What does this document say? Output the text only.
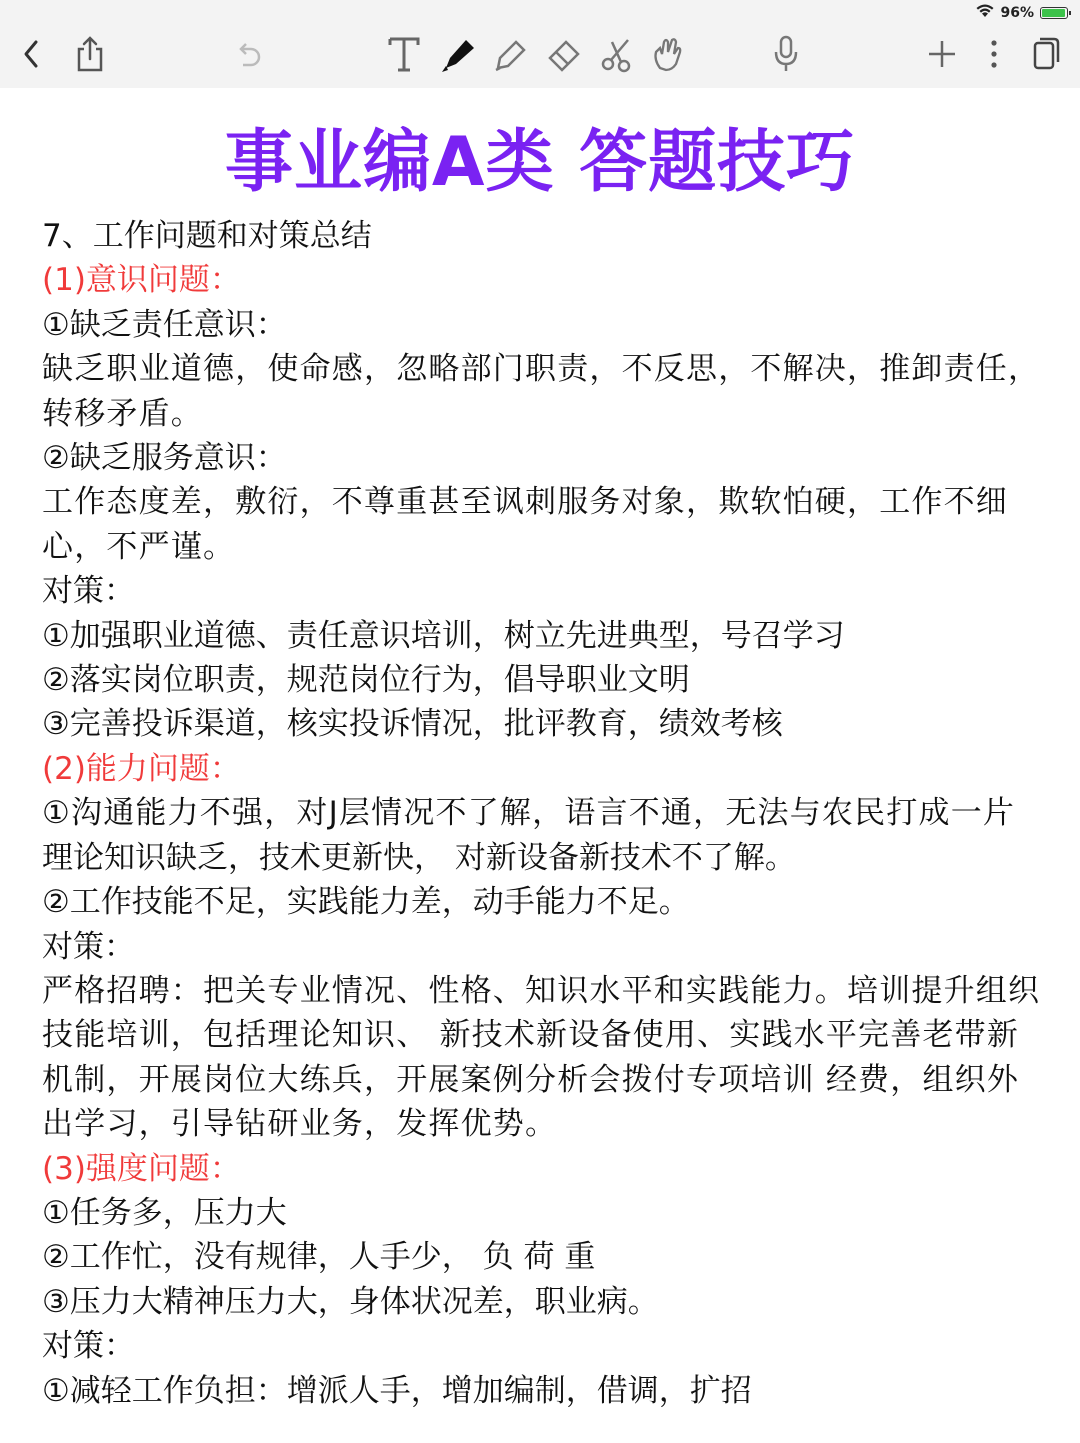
96%
事业编A类 答题技巧
7、工作问题和对策总结
(1)意识问题：
①缺乏责任意识：
缺乏职业道德，使命感，忽略部门职责，不反思，不解决，推卸责任，转移矛盾。
②缺乏服务意识：
工作态度差，敷衍，不尊重甚至讽刺服务对象，欺软怕硬，工作不细心，不严谨。
对策：
①加强职业道德、责任意识培训，树立先进典型，号召学习
②落实岗位职责，规范岗位行为，倡导职业文明
③完善投诉渠道，核实投诉情况，批评教育，绩效考核
(2)能力问题：
①沟通能力不强，对J层情况不了解，语言不通，无法与农民打成一片
理论知识缺乏，技术更新快， 对新设备新技术不了解。
②工作技能不足，实践能力差，动手能力不足。
对策：
严格招聘：把关专业情况、性格、知识水平和实践能力。培训提升组织技能培训，包括理论知识、 新技术新设备使用、实践水平完善老带新机制，开展岗位大练兵，开展案例分析会拨付专项培训 经费，组织外出学习，引导钻研业务，发挥优势。
(3)强度问题：
①任务多，压力大
②工作忙，没有规律，人手少， 负 荷 重
③压力大精神压力大，身体状况差，职业病。
对策：
①减轻工作负担：增派人手，增加编制，借调，扩招
